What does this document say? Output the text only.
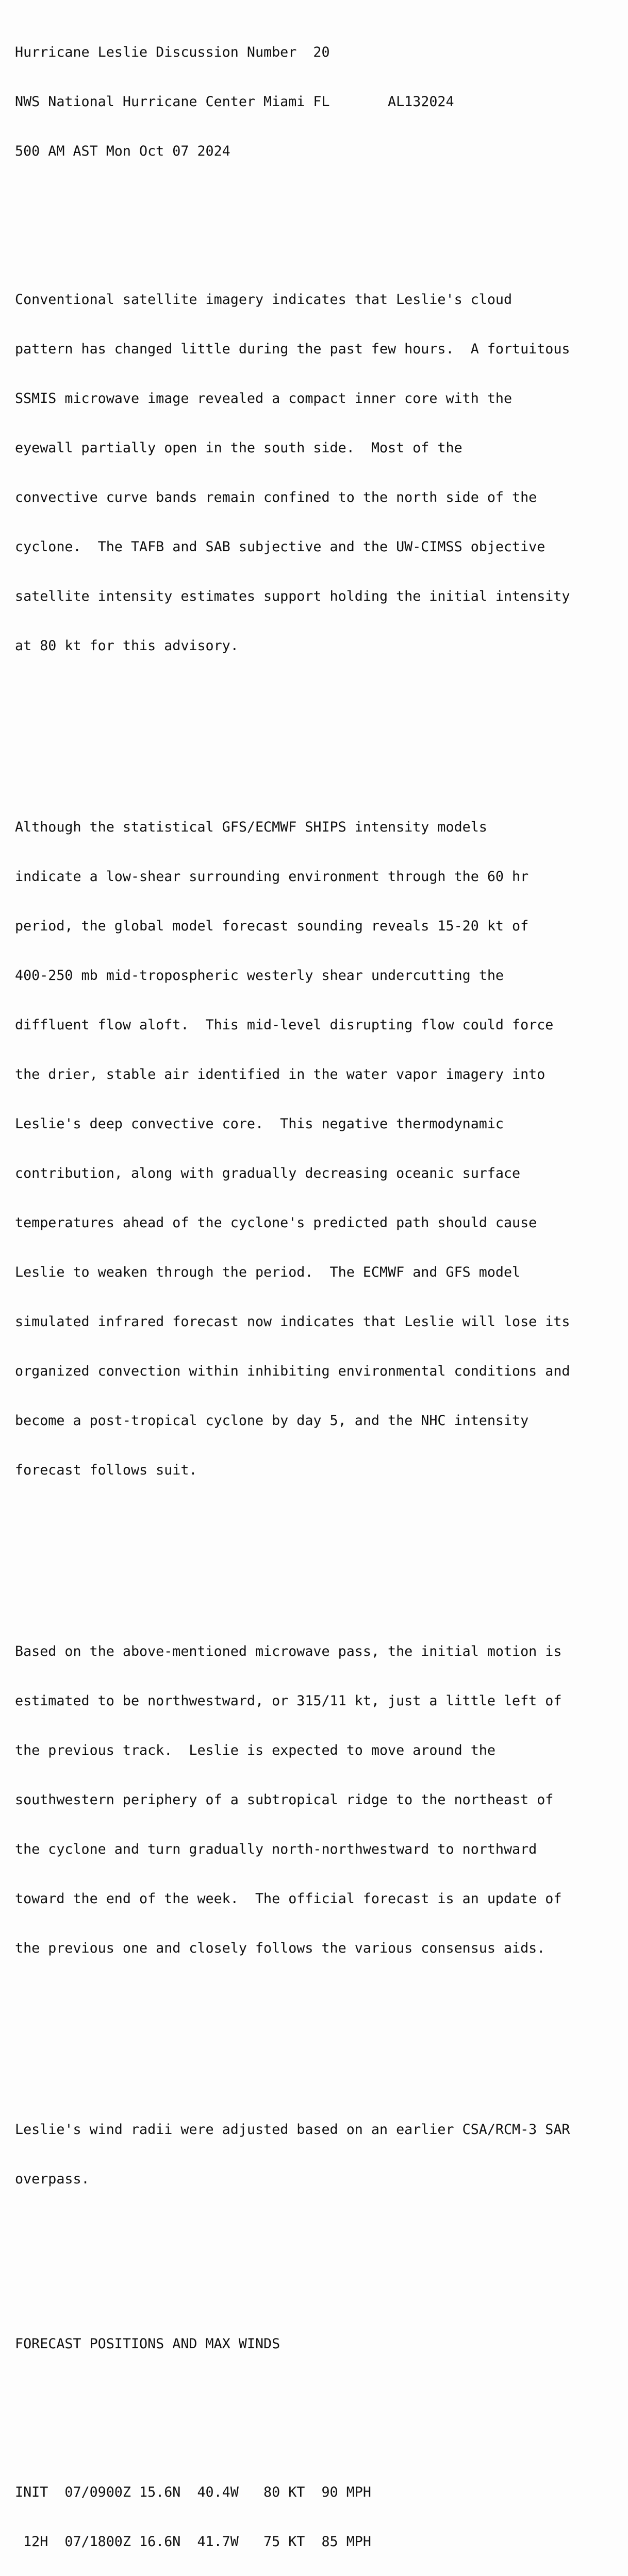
Hurricane Leslie Discussion Number  20

NWS National Hurricane Center Miami FL       AL132024

500 AM AST Mon Oct 07 2024

Conventional satellite imagery indicates that Leslie's cloud

pattern has changed little during the past few hours.  A fortuitous

SSMIS microwave image revealed a compact inner core with the

eyewall partially open in the south side.  Most of the

convective curve bands remain confined to the north side of the

cyclone.  The TAFB and SAB subjective and the UW-CIMSS objective

satellite intensity estimates support holding the initial intensity

at 80 kt for this advisory.

Although the statistical GFS/ECMWF SHIPS intensity models

indicate a low-shear surrounding environment through the 60 hr

period, the global model forecast sounding reveals 15-20 kt of

400-250 mb mid-tropospheric westerly shear undercutting the

diffluent flow aloft.  This mid-level disrupting flow could force

the drier, stable air identified in the water vapor imagery into

Leslie's deep convective core.  This negative thermodynamic

contribution, along with gradually decreasing oceanic surface

temperatures ahead of the cyclone's predicted path should cause

Leslie to weaken through the period.  The ECMWF and GFS model

simulated infrared forecast now indicates that Leslie will lose its

organized convection within inhibiting environmental conditions and

become a post-tropical cyclone by day 5, and the NHC intensity

forecast follows suit.

Based on the above-mentioned microwave pass, the initial motion is

estimated to be northwestward, or 315/11 kt, just a little left of

the previous track.  Leslie is expected to move around the

southwestern periphery of a subtropical ridge to the northeast of

the cyclone and turn gradually north-northwestward to northward

toward the end of the week.  The official forecast is an update of

the previous one and closely follows the various consensus aids.

Leslie's wind radii were adjusted based on an earlier CSA/RCM-3 SAR

overpass.

FORECAST POSITIONS AND MAX WINDS

INIT  07/0900Z 15.6N  40.4W   80 KT  90 MPH

12H  07/1800Z 16.6N  41.7W   75 KT  85 MPH
